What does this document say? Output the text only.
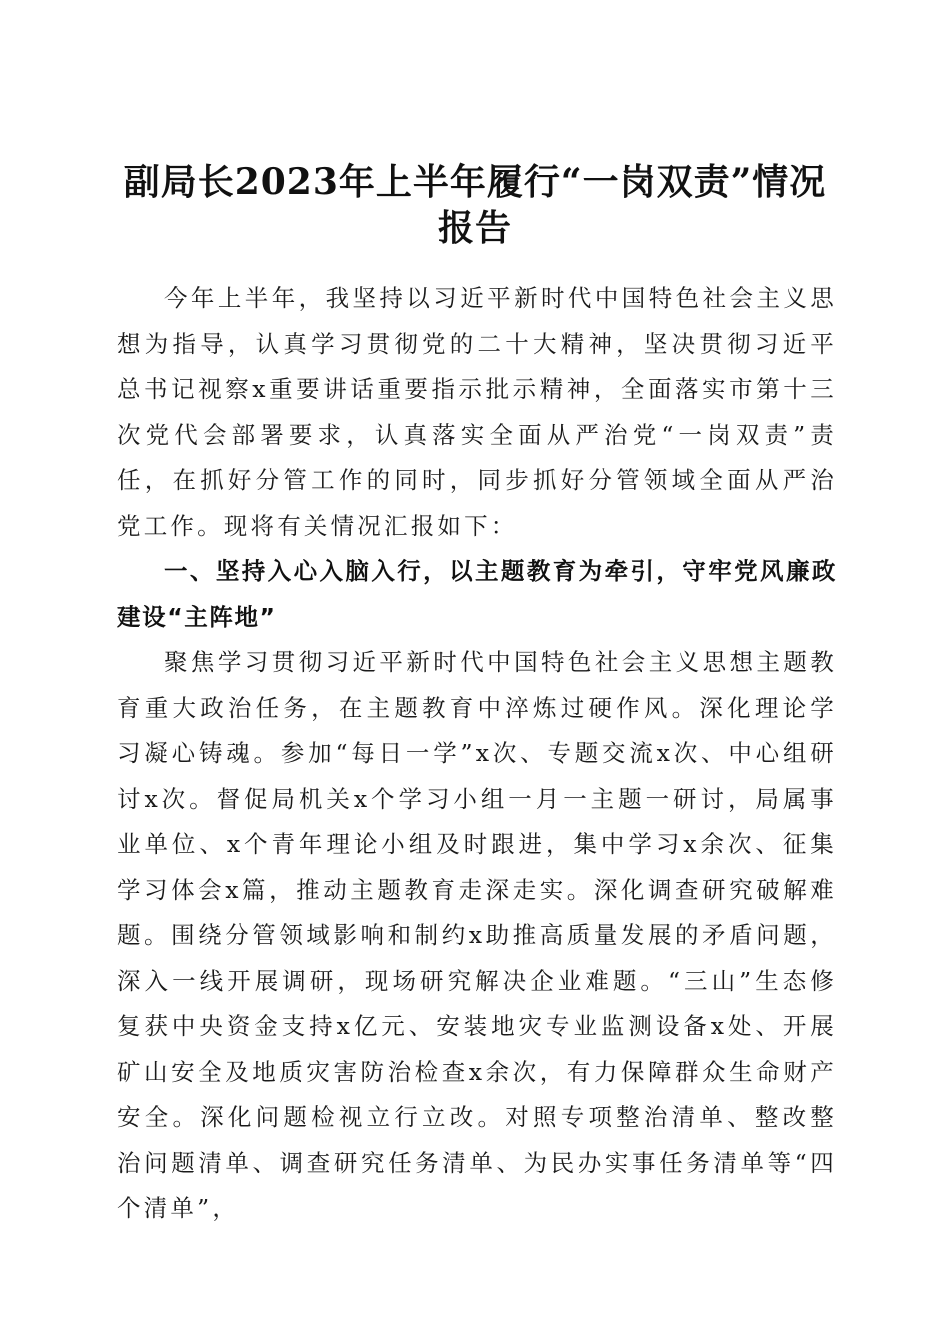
副局长2023年上半年履行“一岗双责”情况报告

今年上半年，我坚持以习近平新时代中国特色社会主义思想为指导，认真学习贯彻党的二十大精神，坚决贯彻习近平总书记视察x重要讲话重要指示批示精神，全面落实市第十三次党代会部署要求，认真落实全面从严治党“一岗双责”责任，在抓好分管工作的同时，同步抓好分管领域全面从严治党工作。现将有关情况汇报如下：

一、坚持入心入脑入行，以主题教育为牵引，守牢党风廉政建设“主阵地”

聚焦学习贯彻习近平新时代中国特色社会主义思想主题教育重大政治任务，在主题教育中淬炼过硬作风。深化理论学习凝心铸魂。参加“每日一学”x次、专题交流x次、中心组研讨x次。督促局机关x个学习小组一月一主题一研讨，局属事业单位、x个青年理论小组及时跟进，集中学习x余次、征集学习体会x篇，推动主题教育走深走实。深化调查研究破解难题。围绕分管领域影响和制约x助推高质量发展的矛盾问题，深入一线开展调研，现场研究解决企业难题。“三山”生态修复获中央资金支持x亿元、安装地灾专业监测设备x处、开展矿山安全及地质灾害防治检查x余次，有力保障群众生命财产安全。深化问题检视立行立改。对照专项整治清单、整改整治问题清单、调查研究任务清单、为民办实事任务清单等“四个清单”，
